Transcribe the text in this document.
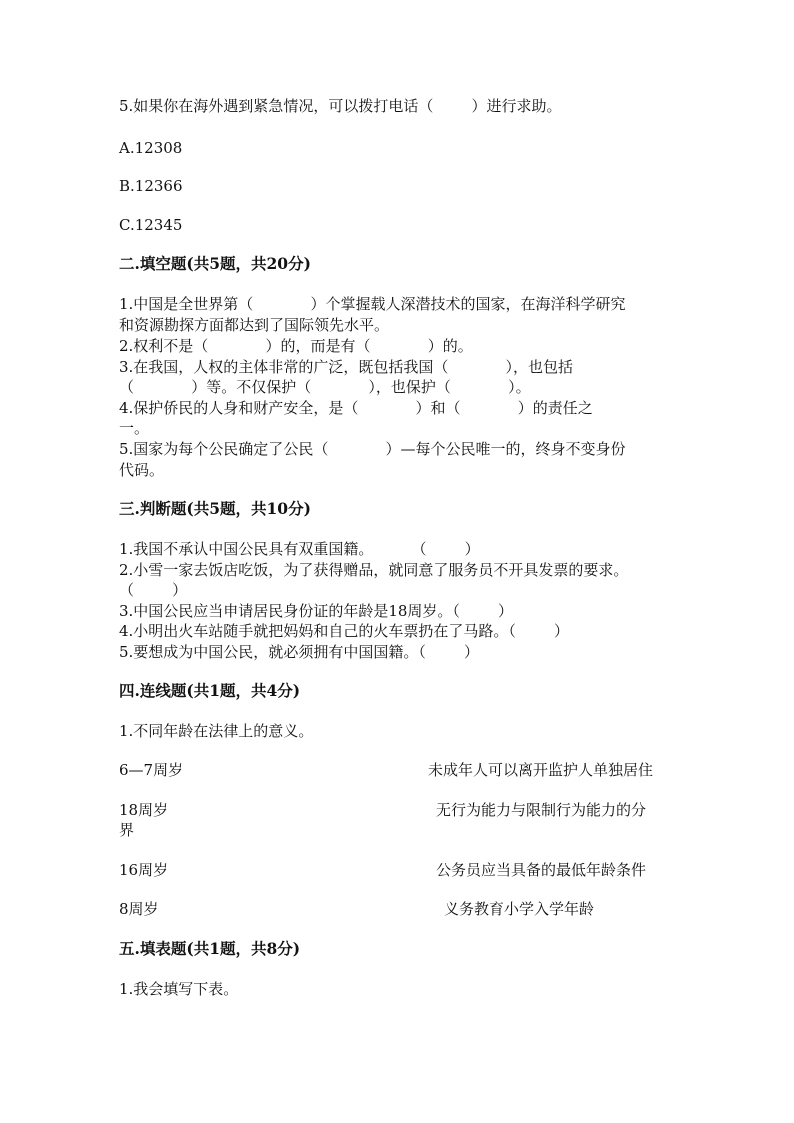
5.如果你在海外遇到紧急情况，可以拨打电话（        ）进行求助。

A.12308

B.12366

C.12345

二.填空题(共5题，共20分)

1.中国是全世界第（            ）个掌握载人深潜技术的国家，在海洋科学研究

和资源勘探方面都达到了国际领先水平。

2.权利不是（            ）的，而是有（            ）的。

3.在我国，人权的主体非常的广泛，既包括我国（            ），也包括

（            ）等。不仅保护（            ），也保护（            ）。

4.保护侨民的人身和财产安全，是（            ）和（            ）的责任之

一。

5.国家为每个公民确定了公民（            ）—每个公民唯一的，终身不变身份

代码。

三.判断题(共5题，共10分)

1.我国不承认中国公民具有双重国籍。        （        ）

2.小雪一家去饭店吃饭，为了获得赠品，就同意了服务员不开具发票的要求。

（        ）

3.中国公民应当申请居民身份证的年龄是18周岁。（        ）

4.小明出火车站随手就把妈妈和自己的火车票扔在了马路。（        ）

5.要想成为中国公民，就必须拥有中国国籍。（        ）

四.连线题(共1题，共4分)

1.不同年龄在法律上的意义。

6—7周岁	未成年人可以离开监护人单独居住

18周岁	无行为能力与限制行为能力的分

界

16周岁	公务员应当具备的最低年龄条件

8周岁	义务教育小学入学年龄

五.填表题(共1题，共8分)

1.我会填写下表。
